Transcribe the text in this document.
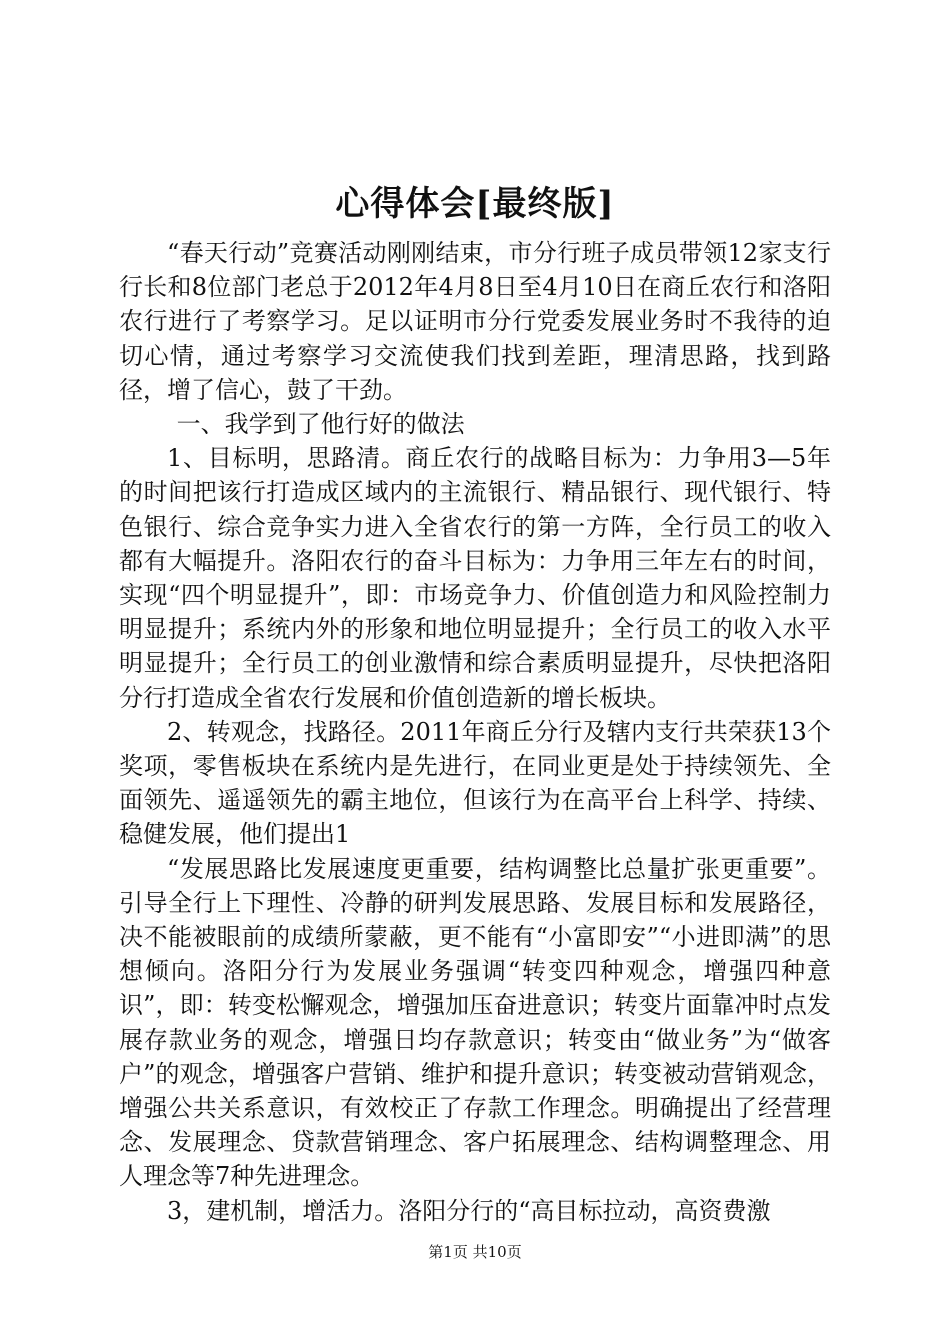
心得体会[最终版]

“春天行动”竞赛活动刚刚结束，市分行班子成员带领12家支行行长和8位部门老总于2012年4月8日至4月10日在商丘农行和洛阳农行进行了考察学习。足以证明市分行党委发展业务时不我待的迫切心情，通过考察学习交流使我们找到差距，理清思路，找到路径，增了信心，鼓了干劲。

一、我学到了他行好的做法

1、目标明，思路清。商丘农行的战略目标为：力争用3—5年的时间把该行打造成区域内的主流银行、精品银行、现代银行、特色银行、综合竞争实力进入全省农行的第一方阵，全行员工的收入都有大幅提升。洛阳农行的奋斗目标为：力争用三年左右的时间，实现“四个明显提升”，即：市场竞争力、价值创造力和风险控制力明显提升；系统内外的形象和地位明显提升；全行员工的收入水平明显提升；全行员工的创业激情和综合素质明显提升，尽快把洛阳分行打造成全省农行发展和价值创造新的增长板块。

2、转观念，找路径。2011年商丘分行及辖内支行共荣获13个奖项，零售板块在系统内是先进行，在同业更是处于持续领先、全面领先、遥遥领先的霸主地位，但该行为在高平台上科学、持续、稳健发展，他们提出1

“发展思路比发展速度更重要，结构调整比总量扩张更重要”。引导全行上下理性、冷静的研判发展思路、发展目标和发展路径，决不能被眼前的成绩所蒙蔽，更不能有“小富即安”“小进即满”的思想倾向。洛阳分行为发展业务强调“转变四种观念，增强四种意识”，即：转变松懈观念，增强加压奋进意识；转变片面靠冲时点发展存款业务的观念，增强日均存款意识；转变由“做业务”为“做客户”的观念，增强客户营销、维护和提升意识；转变被动营销观念，增强公共关系意识，有效校正了存款工作理念。明确提出了经营理念、发展理念、贷款营销理念、客户拓展理念、结构调整理念、用人理念等7种先进理念。

3，建机制，增活力。洛阳分行的“高目标拉动，高资费激

第1页 共10页
